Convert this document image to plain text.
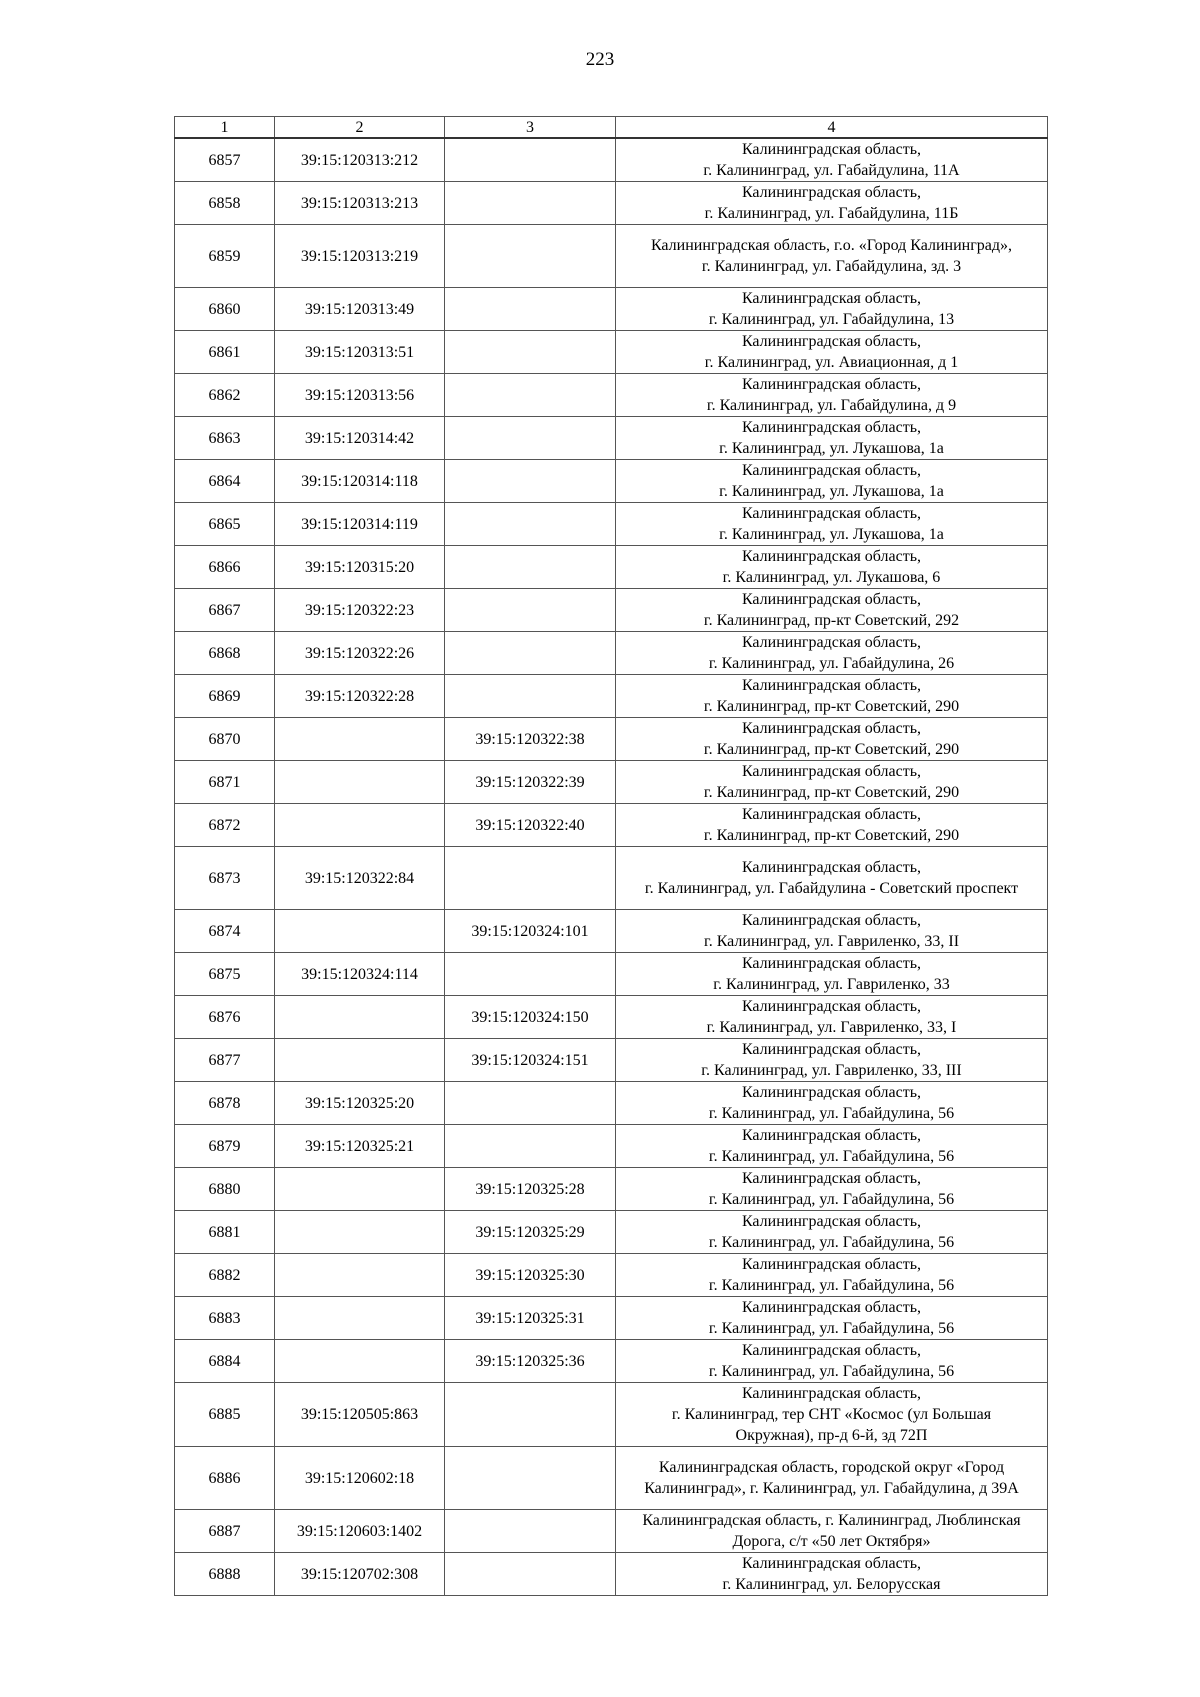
223
1	2	3	4
6857	39:15:120313:212		Калининградская область,
г. Калининград, ул. Габайдулина, 11А

6858	39:15:120313:213		Калининградская область,
г. Калининград, ул. Габайдулина, 11Б

6859	39:15:120313:219		Калининградская область, г.о. «Город Калининград»,
г. Калининград, ул. Габайдулина, зд. 3

6860	39:15:120313:49		Калининградская область,
г. Калининград, ул. Габайдулина, 13

6861	39:15:120313:51		Калининградская область,
г. Калининград, ул. Авиационная, д 1

6862	39:15:120313:56		Калининградская область,
г. Калининград, ул. Габайдулина, д 9

6863	39:15:120314:42		Калининградская область,
г. Калининград, ул. Лукашова, 1а

6864	39:15:120314:118		Калининградская область,
г. Калининград, ул. Лукашова, 1а

6865	39:15:120314:119		Калининградская область,
г. Калининград, ул. Лукашова, 1а

6866	39:15:120315:20		Калининградская область,
г. Калининград, ул. Лукашова, 6

6867	39:15:120322:23		Калининградская область,
г. Калининград, пр-кт Советский, 292

6868	39:15:120322:26		Калининградская область,
г. Калининград, ул. Габайдулина, 26

6869	39:15:120322:28		Калининградская область,
г. Калининград, пр-кт Советский, 290

6870		39:15:120322:38	Калининградская область,
г. Калининград, пр-кт Советский, 290

6871		39:15:120322:39	Калининградская область,
г. Калининград, пр-кт Советский, 290

6872		39:15:120322:40	Калининградская область,
г. Калининград, пр-кт Советский, 290

6873	39:15:120322:84		Калининградская область,
г. Калининград, ул. Габайдулина - Советский проспект

6874		39:15:120324:101	Калининградская область,
г. Калининград, ул. Гавриленко, 33, II

6875	39:15:120324:114		Калининградская область,
г. Калининград, ул. Гавриленко, 33

6876		39:15:120324:150	Калининградская область,
г. Калининград, ул. Гавриленко, 33, I

6877		39:15:120324:151	Калининградская область,
г. Калининград, ул. Гавриленко, 33, III

6878	39:15:120325:20		Калининградская область,
г. Калининград, ул. Габайдулина, 56

6879	39:15:120325:21		Калининградская область,
г. Калининград, ул. Габайдулина, 56

6880		39:15:120325:28	Калининградская область,
г. Калининград, ул. Габайдулина, 56

6881		39:15:120325:29	Калининградская область,
г. Калининград, ул. Габайдулина, 56

6882		39:15:120325:30	Калининградская область,
г. Калининград, ул. Габайдулина, 56

6883		39:15:120325:31	Калининградская область,
г. Калининград, ул. Габайдулина, 56

6884		39:15:120325:36	Калининградская область,
г. Калининград, ул. Габайдулина, 56

6885	39:15:120505:863		Калининградская область,
г. Калининград, тер СНТ «Космос (ул Большая
Окружная), пр-д 6-й, зд 72П

6886	39:15:120602:18		Калининградская область, городской округ «Город
Калининград», г. Калининград, ул. Габайдулина, д 39А

6887	39:15:120603:1402		Калининградская область, г. Калининград, Люблинская
Дорога, с/т «50 лет Октября»

6888	39:15:120702:308		Калининградская область,
г. Калининград, ул. Белорусская
